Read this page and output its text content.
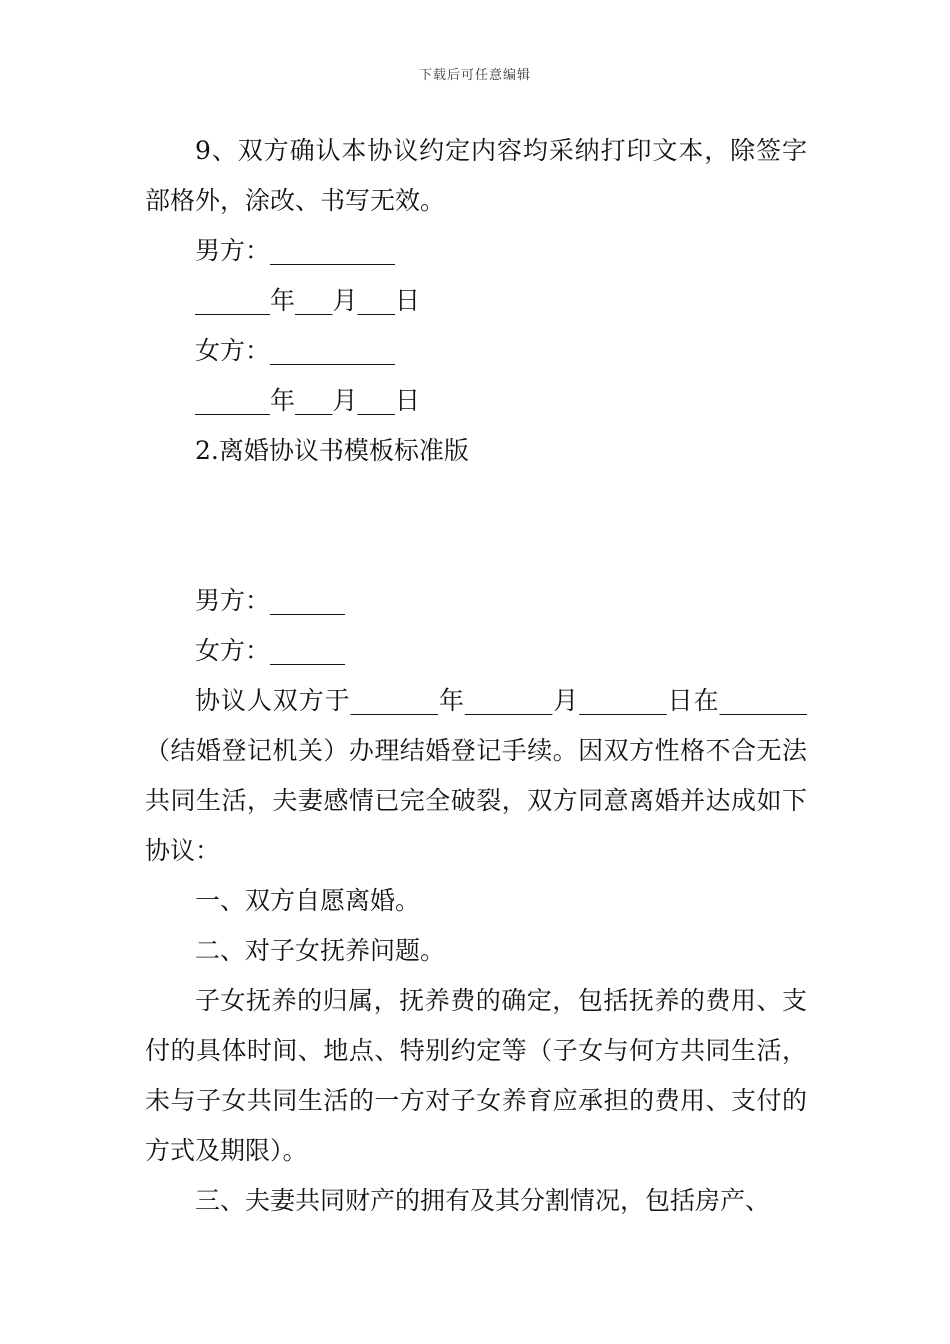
下载后可任意编辑

9、双方确认本协议约定内容均采纳打印文本，除签字部格外，涂改、书写无效。

男方：__________

______年___月___日

女方：__________

______年___月___日

2.离婚协议书模板标准版

男方：______

女方：______

协议人双方于_______年_______月_______日在_______（结婚登记机关）办理结婚登记手续。因双方性格不合无法共同生活，夫妻感情已完全破裂，双方同意离婚并达成如下协议：

一、双方自愿离婚。

二、对子女抚养问题。

子女抚养的归属，抚养费的确定，包括抚养的费用、支付的具体时间、地点、特别约定等（子女与何方共同生活，未与子女共同生活的一方对子女养育应承担的费用、支付的方式及期限）。

三、夫妻共同财产的拥有及其分割情况，包括房产、
